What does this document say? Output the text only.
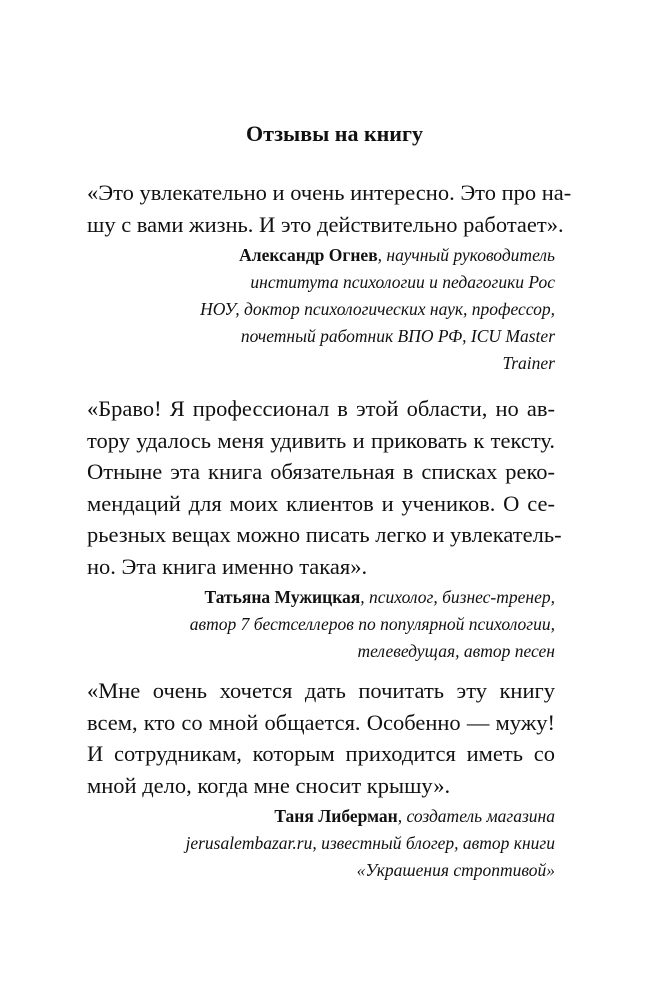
Отзывы на книгу
«Это увлекательно и очень интересно. Это про на-
шу с вами жизнь. И это действительно работает».
Александр Огнев, научный руководитель
института психологии и педагогики Рос
НОУ, доктор психологических наук, профессор,
почетный работник ВПО РФ, ICU Master
Trainer
«Браво! Я профессионал в этой области, но ав-
тору удалось меня удивить и приковать к тексту.
Отныне эта книга обязательная в списках реко-
мендаций для моих клиентов и учеников. О се-
рьезных вещах можно писать легко и увлекатель-
но. Эта книга именно такая».
Татьяна Мужицкая, психолог, бизнес-тренер,
автор 7 бестселлеров по популярной психологии,
телеведущая, автор песен
«Мне очень хочется дать почитать эту книгу
всем, кто со мной общается. Особенно — мужу!
И сотрудникам, которым приходится иметь со
мной дело, когда мне сносит крышу».
Таня Либерман, создатель магазина
jerusalembazar.ru, известный блогер, автор книги
«Украшения строптивой»
